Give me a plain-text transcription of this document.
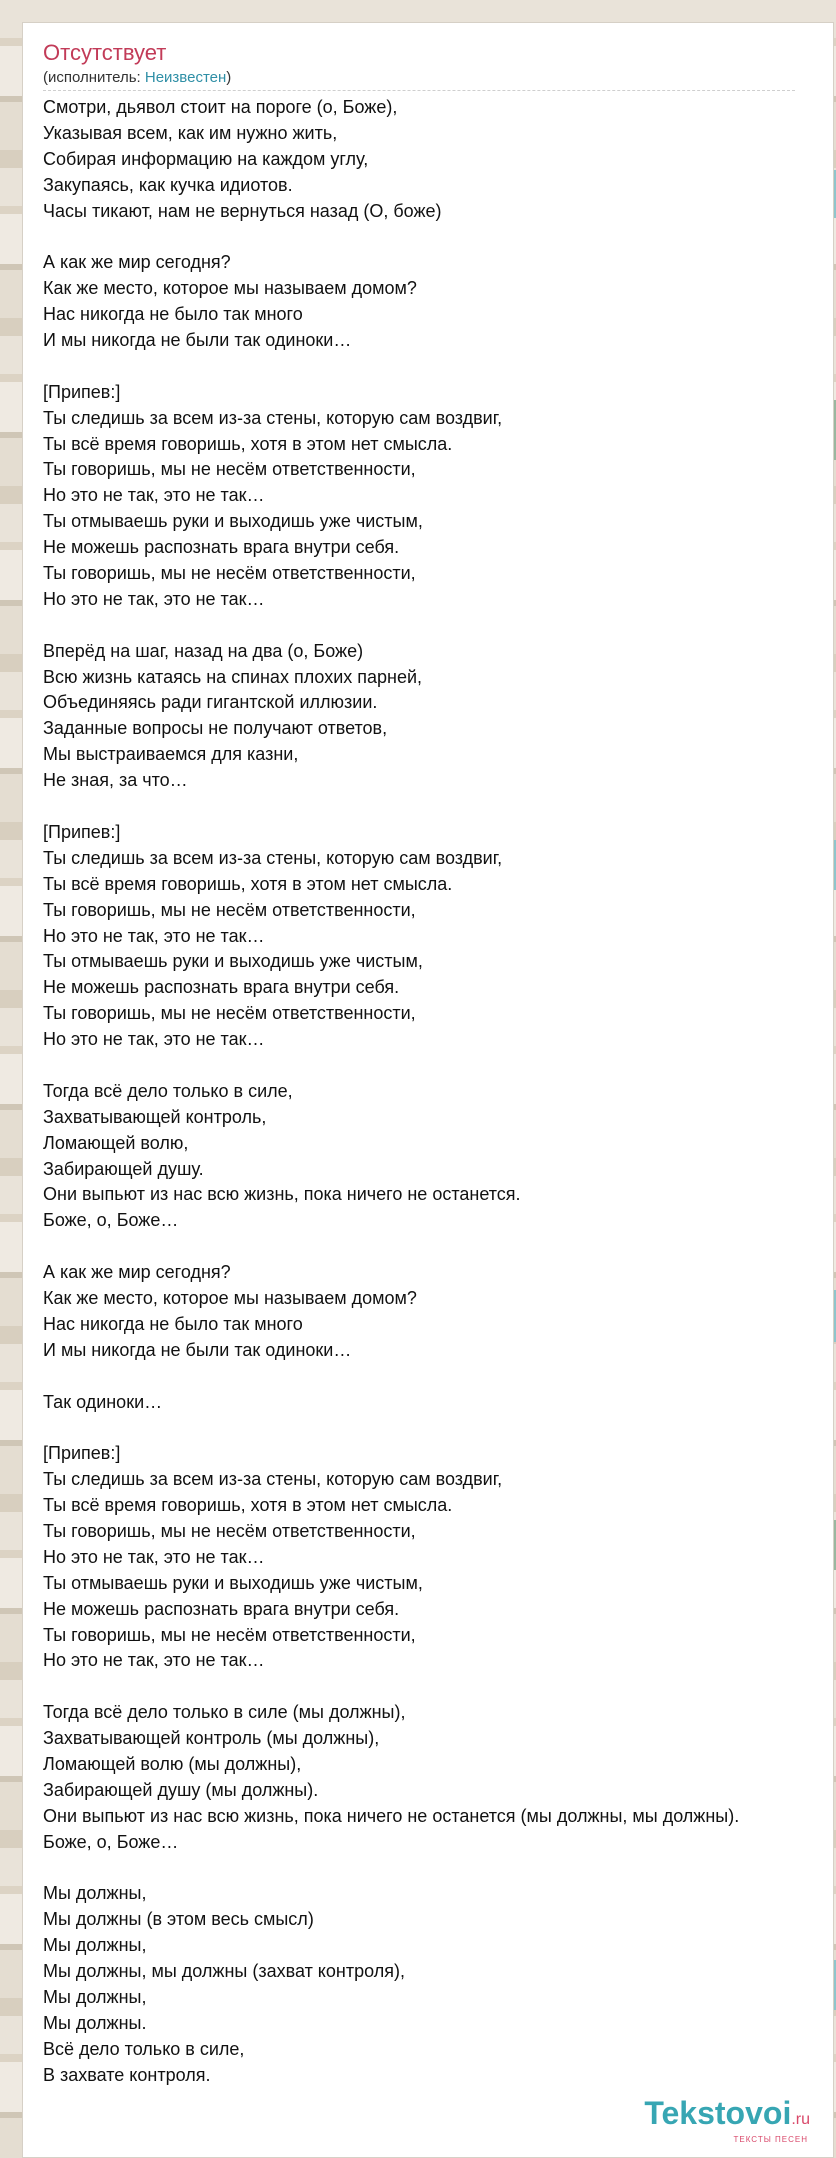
Отсутствует
(исполнитель: Неизвестен)
Смотри, дьявол стоит на пороге (о, Боже),
Указывая всем, как им нужно жить,
Собирая информацию на каждом углу,
Закупаясь, как кучка идиотов.
Часы тикают, нам не вернуться назад (О, боже)
А как же мир сегодня?
Как же место, которое мы называем домом?
Нас никогда не было так много
И мы никогда не были так одиноки…
[Припев:]
Ты следишь за всем из-за стены, которую сам воздвиг,
Ты всё время говоришь, хотя в этом нет смысла.
Ты говоришь, мы не несём ответственности,
Но это не так, это не так…
Ты отмываешь руки и выходишь уже чистым,
Не можешь распознать врага внутри себя.
Ты говоришь, мы не несём ответственности,
Но это не так, это не так…
Вперёд на шаг, назад на два (о, Боже)
Всю жизнь катаясь на спинах плохих парней,
Объединяясь ради гигантской иллюзии.
Заданные вопросы не получают ответов,
Мы выстраиваемся для казни,
Не зная, за что…
[Припев:]
Ты следишь за всем из-за стены, которую сам воздвиг,
Ты всё время говоришь, хотя в этом нет смысла.
Ты говоришь, мы не несём ответственности,
Но это не так, это не так…
Ты отмываешь руки и выходишь уже чистым,
Не можешь распознать врага внутри себя.
Ты говоришь, мы не несём ответственности,
Но это не так, это не так…
Тогда всё дело только в силе,
Захватывающей контроль,
Ломающей волю,
Забирающей душу.
Они выпьют из нас всю жизнь, пока ничего не останется.
Боже, о, Боже…
А как же мир сегодня?
Как же место, которое мы называем домом?
Нас никогда не было так много
И мы никогда не были так одиноки…
Так одиноки…
[Припев:]
Ты следишь за всем из-за стены, которую сам воздвиг,
Ты всё время говоришь, хотя в этом нет смысла.
Ты говоришь, мы не несём ответственности,
Но это не так, это не так…
Ты отмываешь руки и выходишь уже чистым,
Не можешь распознать врага внутри себя.
Ты говоришь, мы не несём ответственности,
Но это не так, это не так…
Тогда всё дело только в силе (мы должны),
Захватывающей контроль (мы должны),
Ломающей волю (мы должны),
Забирающей душу (мы должны).
Они выпьют из нас всю жизнь, пока ничего не останется (мы должны, мы должны).
Боже, о, Боже…
Мы должны,
Мы должны (в этом весь смысл)
Мы должны,
Мы должны, мы должны (захват контроля),
Мы должны,
Мы должны.
Всё дело только в силе,
В захвате контроля.
Tekstovoi.ru
ТЕКСТЫ ПЕСЕН
